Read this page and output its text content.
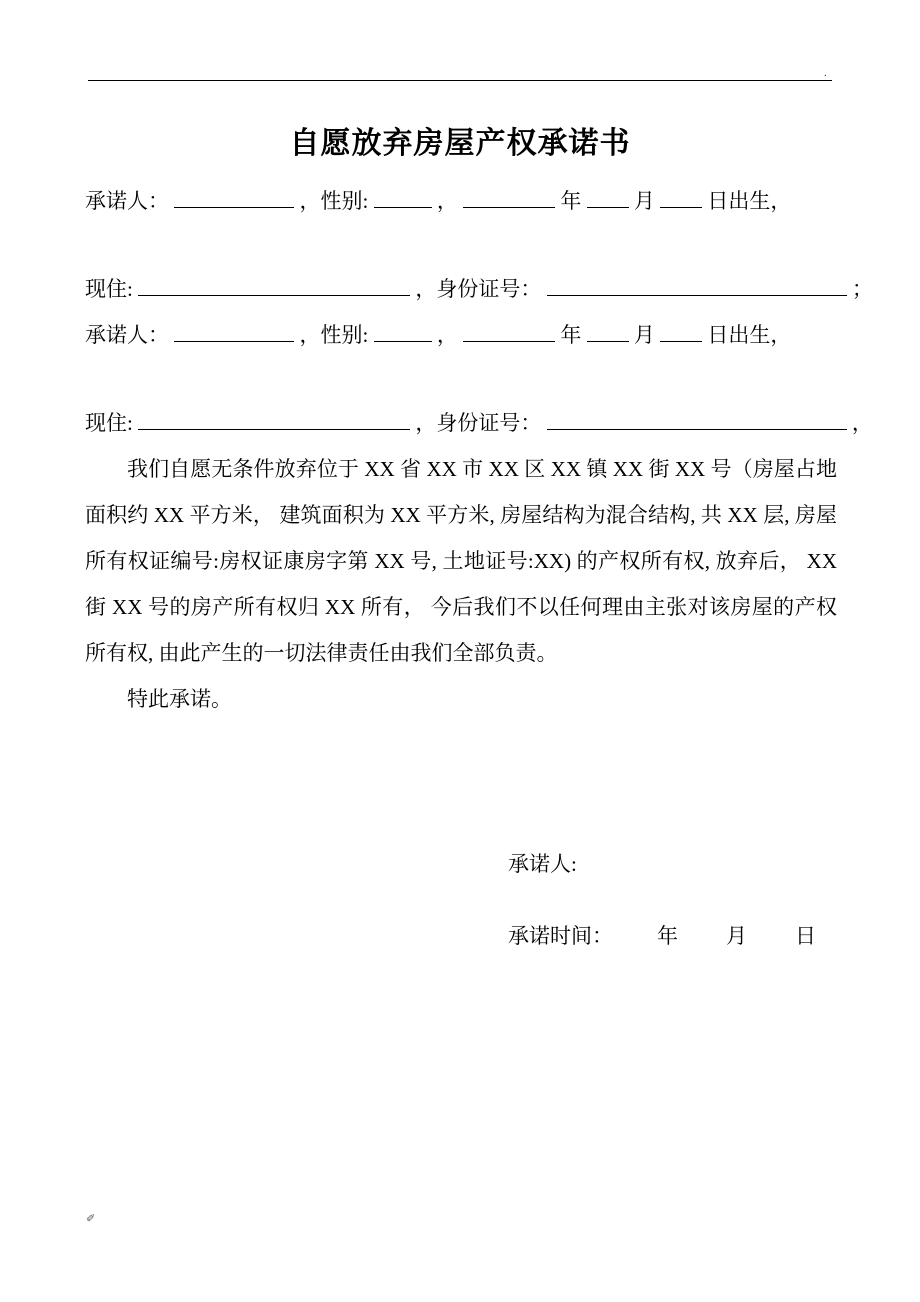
.
自愿放弃房屋产权承诺书
承诺人：	，性别:	，	年	月	日出生，
现住:	，身份证号：	；
承诺人：	，性别:	，	年	月	日出生，
现住:	，身份证号：	，
我们自愿无条件放弃位于 XX 省 XX 市 XX 区 XX 镇 XX 街 XX 号（房屋占地面积约 XX 平方米， 建筑面积为 XX 平方米, 房屋结构为混合结构, 共 XX 层, 房屋所有权证编号:房权证康房字第 XX 号, 土地证号:XX) 的产权所有权, 放弃后， XX 街 XX 号的房产所有权归 XX 所有， 今后我们不以任何理由主张对该房屋的产权所有权, 由此产生的一切法律责任由我们全部负责。
特此承诺。
承诺人:
承诺时间： 年 月 日
✐
